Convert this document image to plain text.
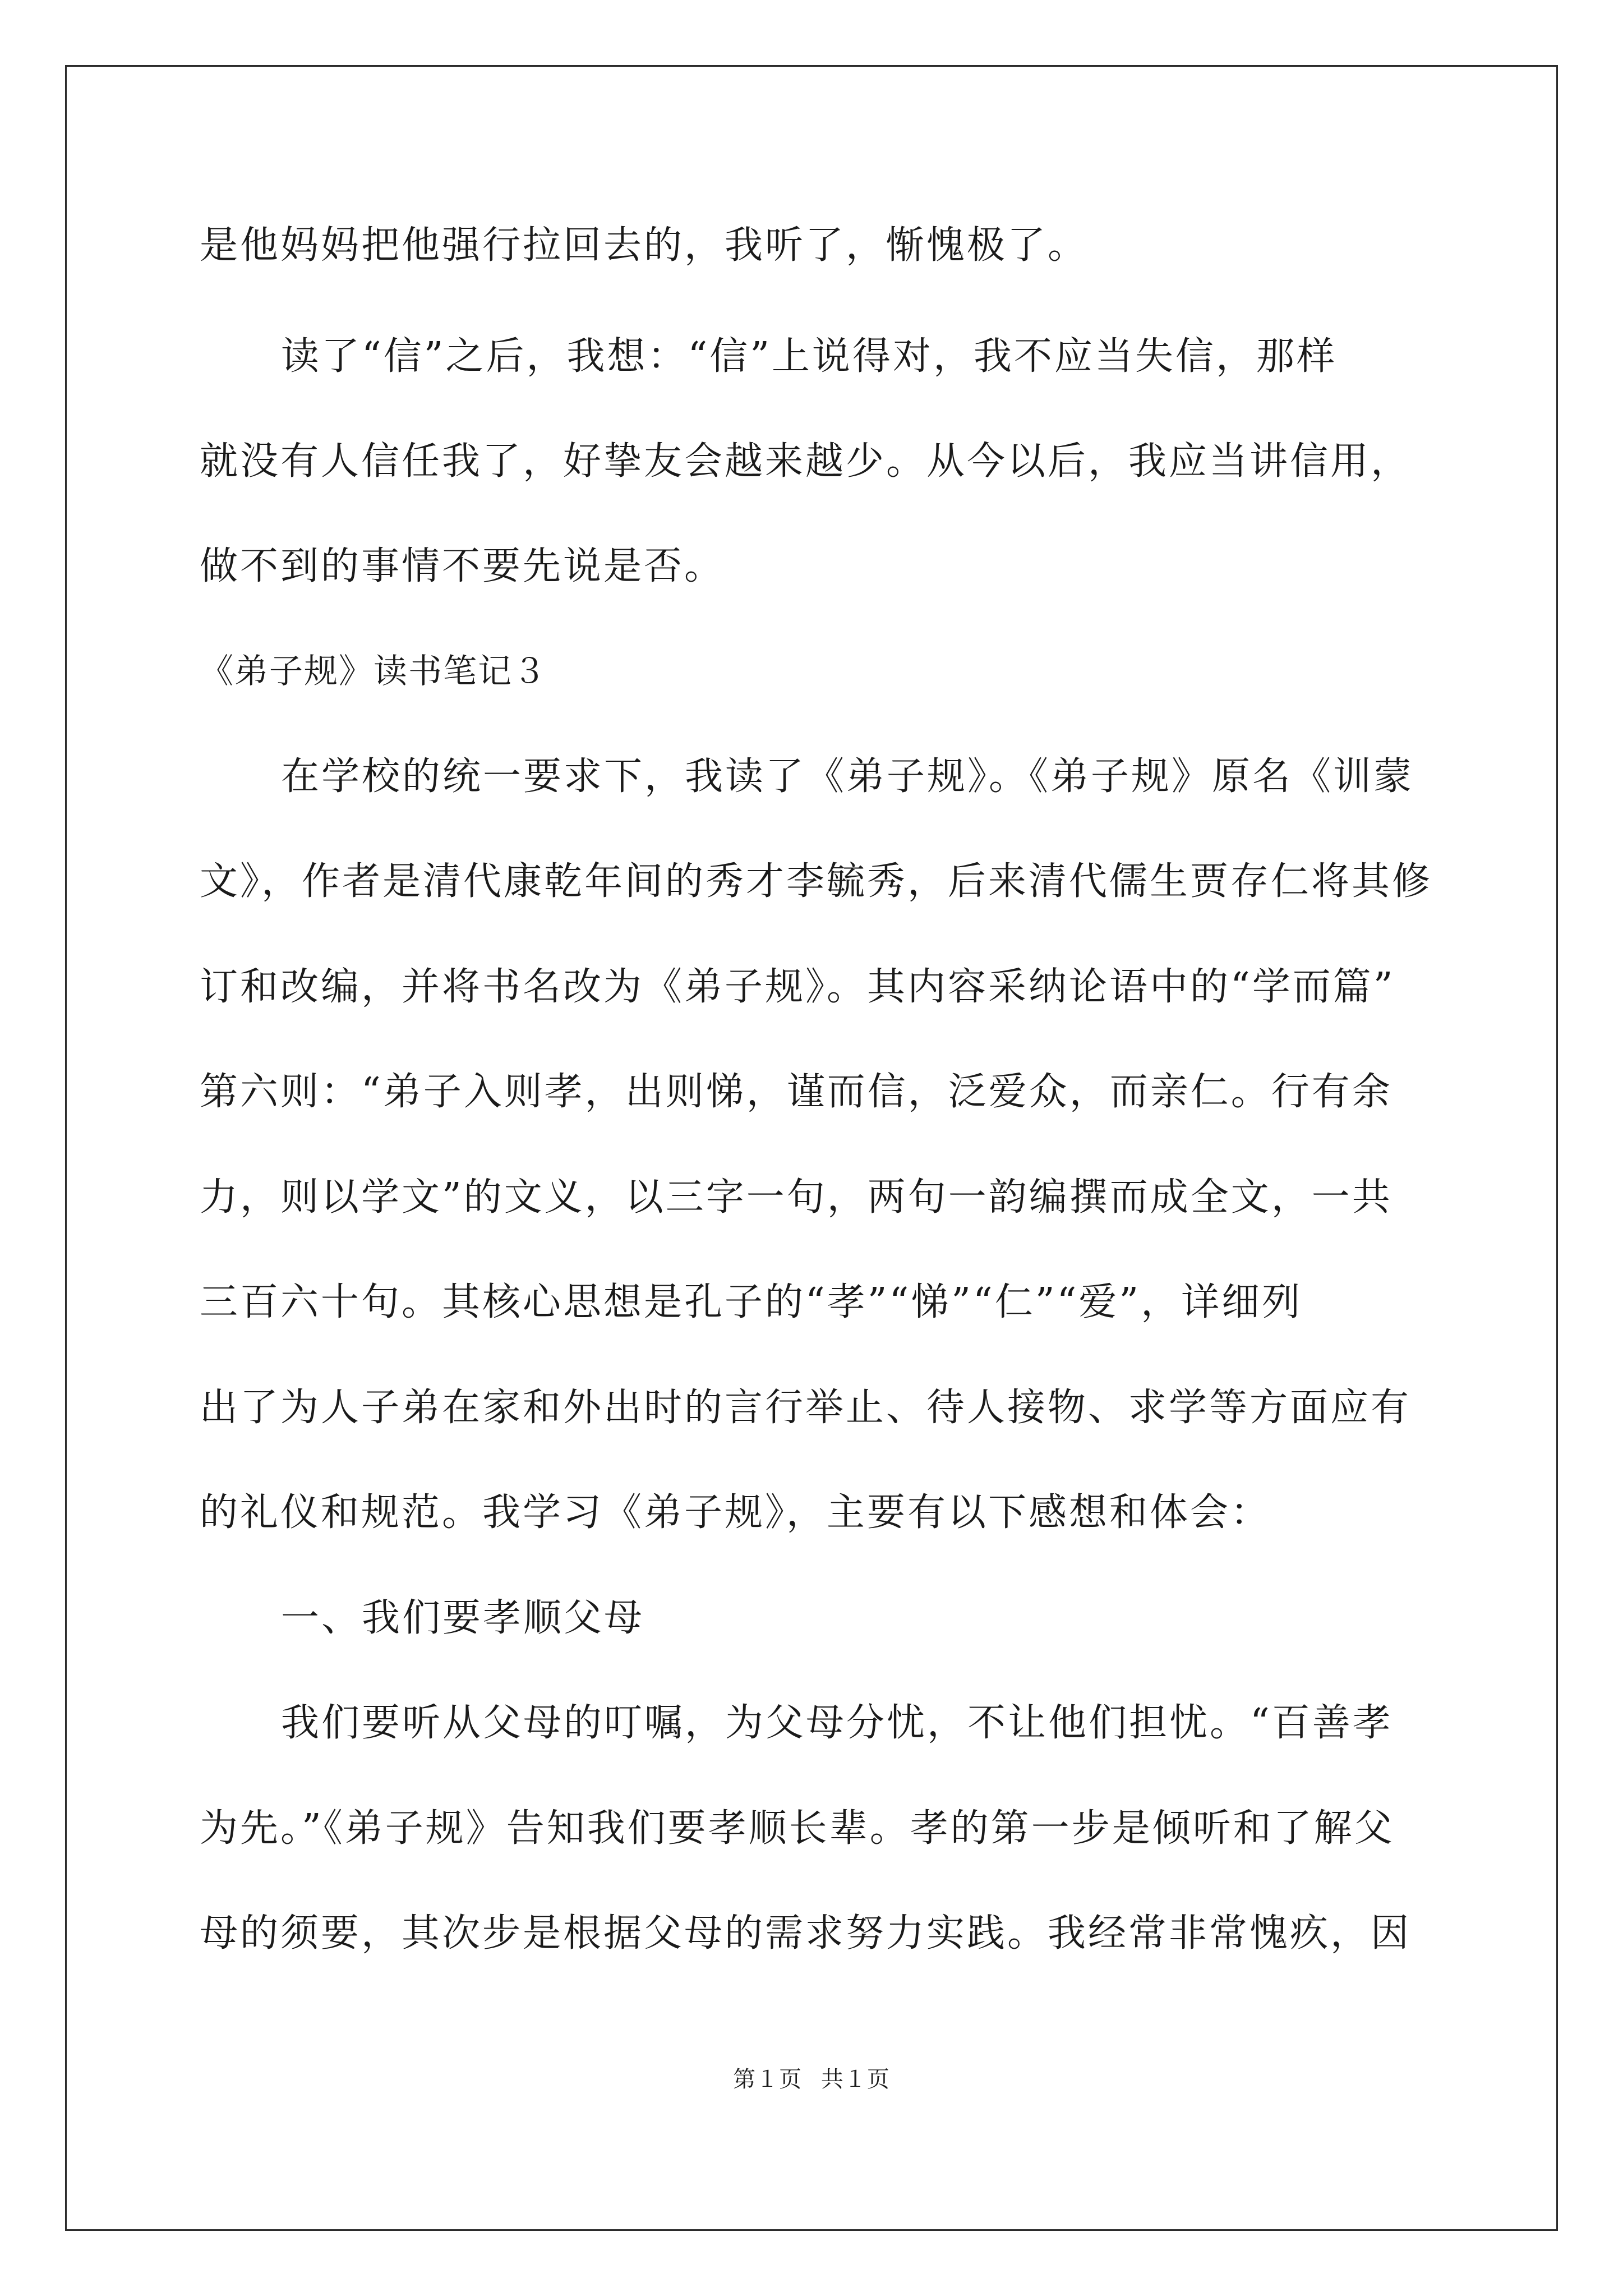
是他妈妈把他强行拉回去的，我听了，惭愧极了。
读了“信”之后，我想：“信”上说得对，我不应当失信，那样
就没有人信任我了，好挚友会越来越少。从今以后，我应当讲信用，
做不到的事情不要先说是否。
《弟子规》读书笔记３
在学校的统一要求下，我读了《弟子规》。《弟子规》原名《训蒙
文》，作者是清代康乾年间的秀才李毓秀，后来清代儒生贾存仁将其修
订和改编，并将书名改为《弟子规》。其内容采纳论语中的“学而篇”
第六则：“弟子入则孝，出则悌，谨而信，泛爱众，而亲仁。行有余
力，则以学文”的文义，以三字一句，两句一韵编撰而成全文，一共
三百六十句。其核心思想是孔子的“孝”“悌”“仁”“爱”，详细列
出了为人子弟在家和外出时的言行举止、待人接物、求学等方面应有
的礼仪和规范。我学习《弟子规》，主要有以下感想和体会：
一、我们要孝顺父母
我们要听从父母的叮嘱，为父母分忧，不让他们担忧。“百善孝
为先。”《弟子规》告知我们要孝顺长辈。孝的第一步是倾听和了解父
母的须要，其次步是根据父母的需求努力实践。我经常非常愧疚，因
第１页 共１页
